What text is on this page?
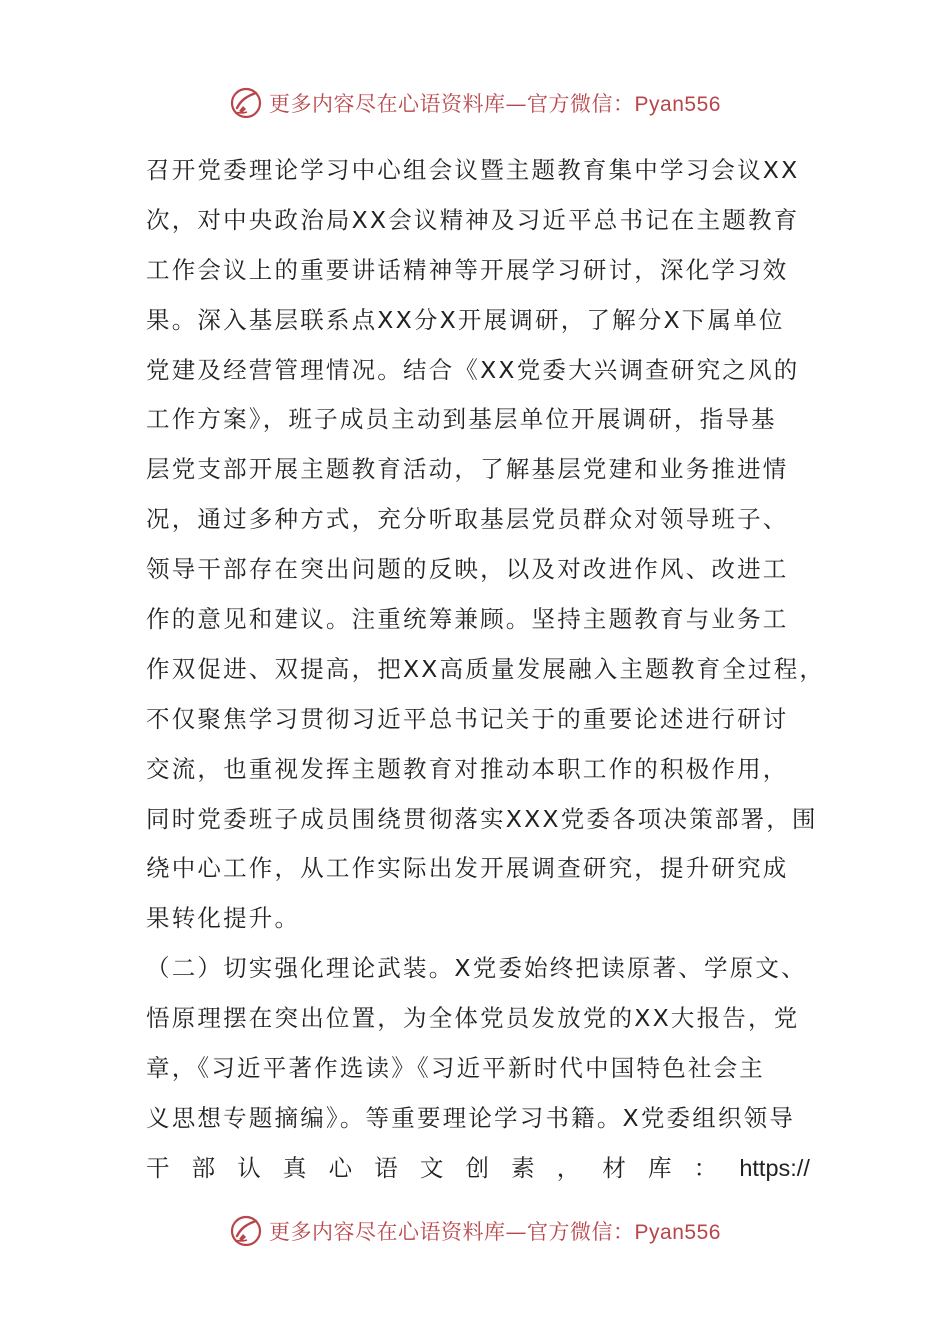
更多内容尽在心语资料库—官方微信：Pyan556
召开党委理论学习中心组会议暨主题教育集中学习会议XX
次，对中央政治局XX会议精神及习近平总书记在主题教育
工作会议上的重要讲话精神等开展学习研讨，深化学习效
果。深入基层联系点XX分X开展调研，了解分X下属单位
党建及经营管理情况。结合《XX党委大兴调查研究之风的
工作方案》，班子成员主动到基层单位开展调研，指导基
层党支部开展主题教育活动，了解基层党建和业务推进情
况，通过多种方式，充分听取基层党员群众对领导班子、
领导干部存在突出问题的反映，以及对改进作风、改进工
作的意见和建议。注重统筹兼顾。坚持主题教育与业务工
作双促进、双提高，把XX高质量发展融入主题教育全过程，
不仅聚焦学习贯彻习近平总书记关于的重要论述进行研讨
交流，也重视发挥主题教育对推动本职工作的积极作用，
同时党委班子成员围绕贯彻落实XXX党委各项决策部署，围
绕中心工作，从工作实际出发开展调查研究，提升研究成
果转化提升。
（二）切实强化理论武装。X党委始终把读原著、学原文、
悟原理摆在突出位置，为全体党员发放党的XX大报告，党
章，《习近平著作选读》《习近平新时代中国特色社会主
义思想专题摘编》。等重要理论学习书籍。X党委组织领导
干 部 认 真 心 语 文 创 素 ， 材 库 ： https://
更多内容尽在心语资料库—官方微信：Pyan556
